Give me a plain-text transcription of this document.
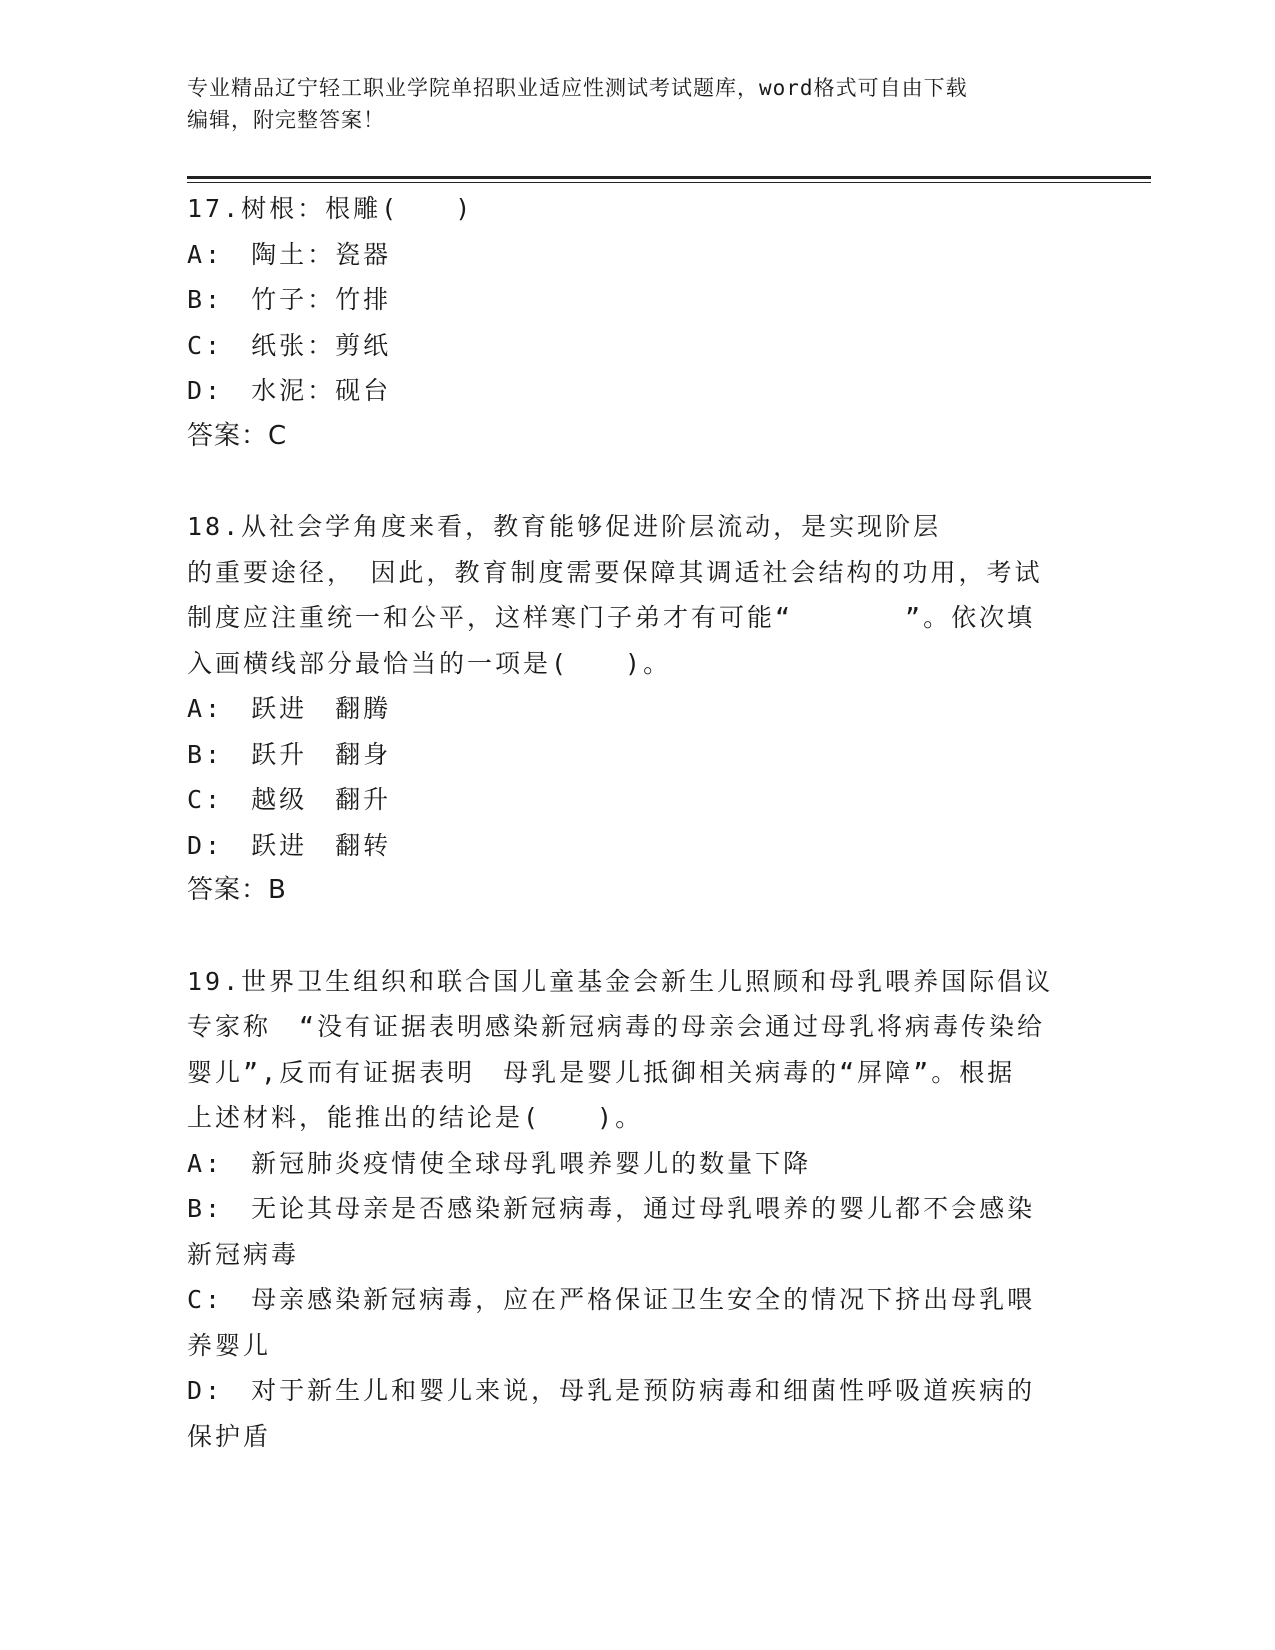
专业精品辽宁轻工职业学院单招职业适应性测试考试题库，word格式可自由下载
编辑，附完整答案！
17.树根：根雕(　　)
A:　陶土：瓷器
B:　竹子：竹排
C:　纸张：剪纸
D:　水泥：砚台
答案：C
18.从社会学角度来看，教育能够促进阶层流动，是实现阶层
的重要途径，　因此，教育制度需要保障其调适社会结构的功用，考试
制度应注重统一和公平，这样寒门子弟才有可能“　　　　”。依次填
入画横线部分最恰当的一项是(　　)。
A:　跃进　翻腾
B:　跃升　翻身
C:　越级　翻升
D:　跃进　翻转
答案：B
19.世界卫生组织和联合国儿童基金会新生儿照顾和母乳喂养国际倡议
专家称　“没有证据表明感染新冠病毒的母亲会通过母乳将病毒传染给
婴儿”,反而有证据表明　母乳是婴儿抵御相关病毒的“屏障”。根据
上述材料，能推出的结论是(　　)。
A:　新冠肺炎疫情使全球母乳喂养婴儿的数量下降
B:　无论其母亲是否感染新冠病毒，通过母乳喂养的婴儿都不会感染
新冠病毒
C:　母亲感染新冠病毒，应在严格保证卫生安全的情况下挤出母乳喂
养婴儿
D:　对于新生儿和婴儿来说，母乳是预防病毒和细菌性呼吸道疾病的
保护盾
